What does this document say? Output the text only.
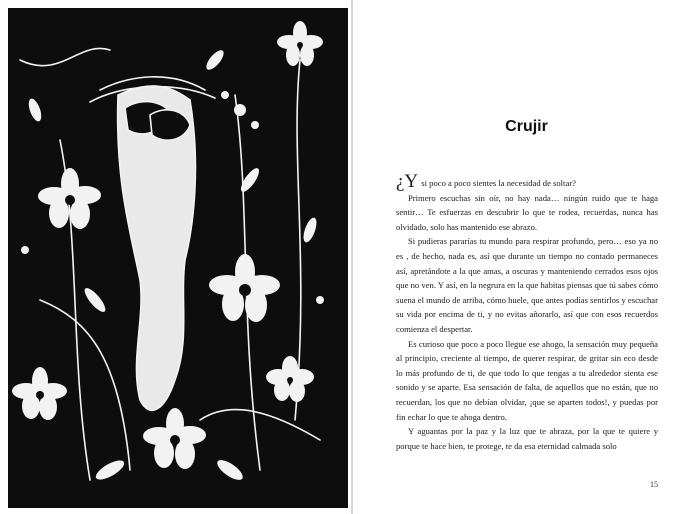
Crujir

¿Y si poco a poco sientes la necesidad de soltar?

Primero escuchas sin oír, no hay nada… ningún ruido que te haga sentir… Te esfuerzas en descubrir lo que te rodea, recuerdas, nunca has olvidado, solo has mantenido ese abrazo.

Si pudieras pararías tu mundo para respirar profundo, pero… eso ya no es , de hecho, nada es, así que durante un tiempo no contado permaneces así, apretándote a la que amas, a oscuras y manteniendo cerrados esos ojos que no ven. Y así, en la negrura en la que habitas piensas que tú sabes cómo suena el mundo de arriba, cómo huele, que antes podías sentirlos y escuchar su vida por encima de ti, y no evitas añorarlo, así que con esos recuerdos comienza el despertar.

Es curioso que poco a poco llegue ese ahogo, la sensación muy pequeña al principio, creciente al tiempo, de querer respirar, de gritar sin eco desde lo más profundo de ti, de que todo lo que tengas a tu alrededor sienta ese sonido y se aparte. Esa sensación de falta, de aquellos que no están, que no recuerdan, los que no debían olvidar, ¡que se aparten todos!, y puedas por fin echar lo que te ahoga dentro.

Y aguantas por la paz y la luz que te abraza, por la que te quiere y porque te hace bien, te protege, te da esa eternidad calmada solo

15
